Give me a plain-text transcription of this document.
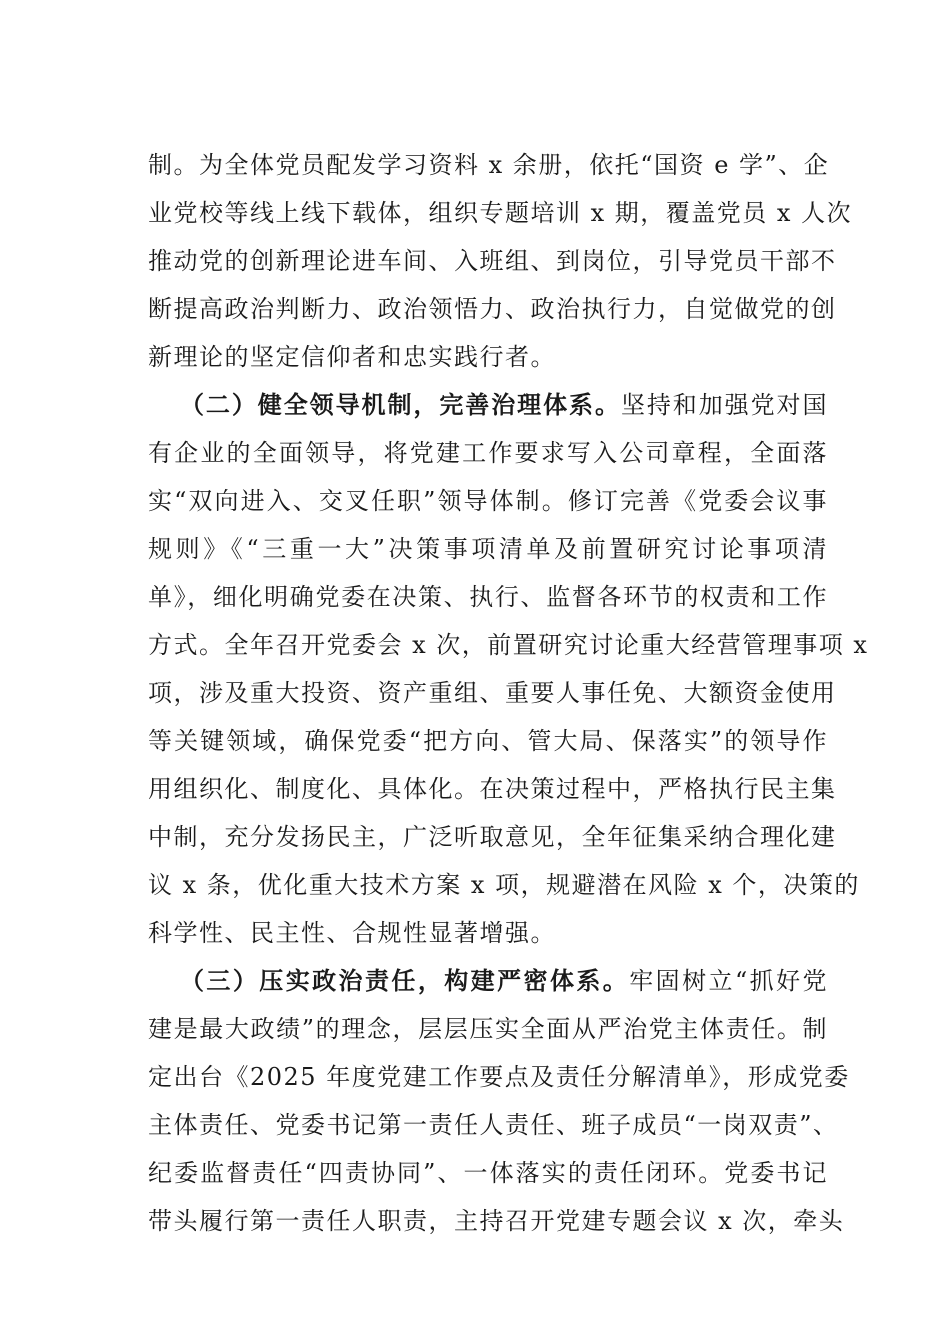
制。为全体党员配发学习资料 x 余册，依托“国资 e 学”、企
业党校等线上线下载体，组织专题培训 x 期，覆盖党员 x 人次
推动党的创新理论进车间、入班组、到岗位，引导党员干部不
断提高政治判断力、政治领悟力、政治执行力，自觉做党的创
新理论的坚定信仰者和忠实践行者。
（二）健全领导机制，完善治理体系。坚持和加强党对国
有企业的全面领导，将党建工作要求写入公司章程，全面落
实“双向进入、交叉任职”领导体制。修订完善《党委会议事
规则》《“三重一大”决策事项清单及前置研究讨论事项清
单》，细化明确党委在决策、执行、监督各环节的权责和工作
方式。全年召开党委会 x 次，前置研究讨论重大经营管理事项 x
项，涉及重大投资、资产重组、重要人事任免、大额资金使用
等关键领域，确保党委“把方向、管大局、保落实”的领导作
用组织化、制度化、具体化。在决策过程中，严格执行民主集
中制，充分发扬民主，广泛听取意见，全年征集采纳合理化建
议 x 条，优化重大技术方案 x 项，规避潜在风险 x 个，决策的
科学性、民主性、合规性显著增强。
（三）压实政治责任，构建严密体系。牢固树立“抓好党
建是最大政绩”的理念，层层压实全面从严治党主体责任。制
定出台《2025 年度党建工作要点及责任分解清单》，形成党委
主体责任、党委书记第一责任人责任、班子成员“一岗双责”、
纪委监督责任“四责协同”、一体落实的责任闭环。党委书记
带头履行第一责任人职责，主持召开党建专题会议 x 次，牵头
